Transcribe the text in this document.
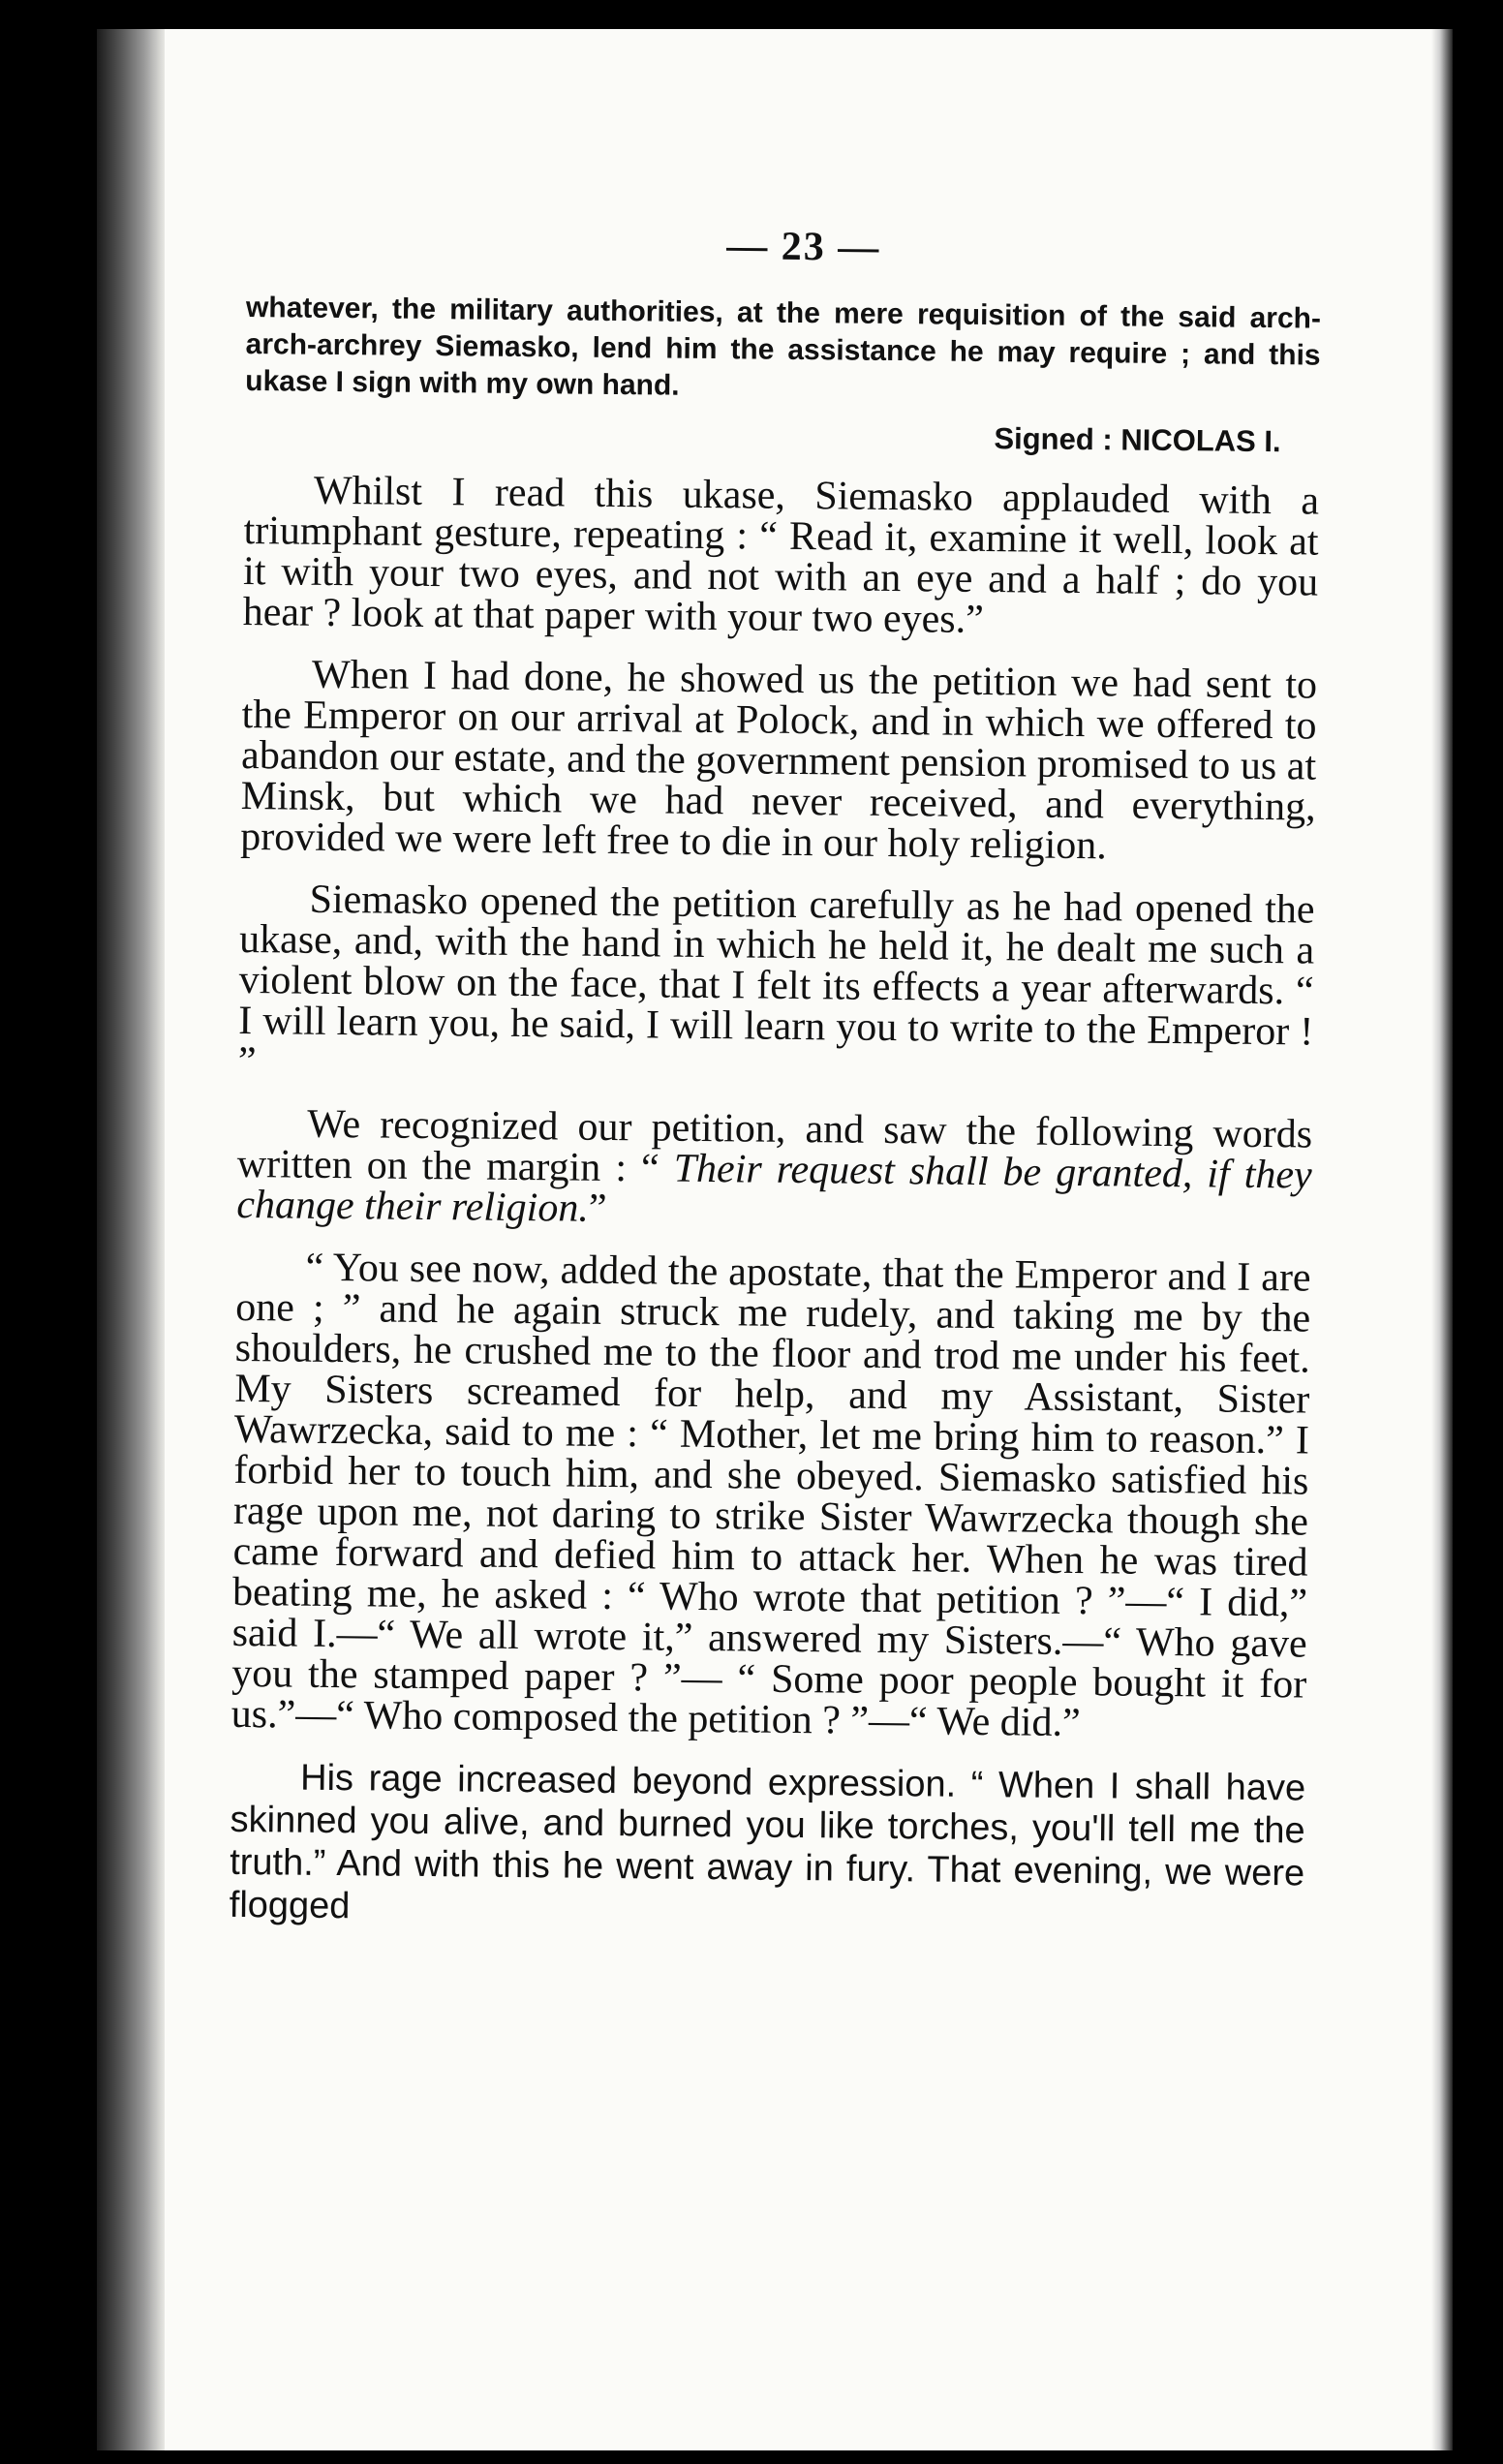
— 23 —

whatever, the military authorities, at the mere requisition of the said arch-arch-archrey Siemasko, lend him the assistance he may require ; and this ukase I sign with my own hand.

Signed : NICOLAS I.

Whilst I read this ukase, Siemasko applauded with a triumphant gesture, repeating : “ Read it, examine it well, look at it with your two eyes, and not with an eye and a half ; do you hear ? look at that paper with your two eyes.”

When I had done, he showed us the petition we had sent to the Emperor on our arrival at Polock, and in which we offered to abandon our estate, and the government pension promised to us at Minsk, but which we had never received, and everything, provided we were left free to die in our holy religion.

Siemasko opened the petition carefully as he had opened the ukase, and, with the hand in which he held it, he dealt me such a violent blow on the face, that I felt its effects a year afterwards. “ I will learn you, he said, I will learn you to write to the Emperor ! ”

We recognized our petition, and saw the following words written on the margin : “ Their request shall be granted, if they change their religion.”

“ You see now, added the apostate, that the Emperor and I are one ; ” and he again struck me rudely, and taking me by the shoulders, he crushed me to the floor and trod me under his feet. My Sisters screamed for help, and my Assistant, Sister Wawrzecka, said to me : “ Mother, let me bring him to reason.” I forbid her to touch him, and she obeyed. Siemasko satisfied his rage upon me, not daring to strike Sister Wawrzecka though she came forward and defied him to attack her. When he was tired beating me, he asked : “ Who wrote that petition ? ”—“ I did,” said I.—“ We all wrote it,” answered my Sisters.—“ Who gave you the stamped paper ? ”— “ Some poor people bought it for us.”—“ Who composed the petition ? ”—“ We did.”

His rage increased beyond expression. “ When I shall have skinned you alive, and burned you like torches, you'll tell me the truth.” And with this he went away in fury. That evening, we were flogged
